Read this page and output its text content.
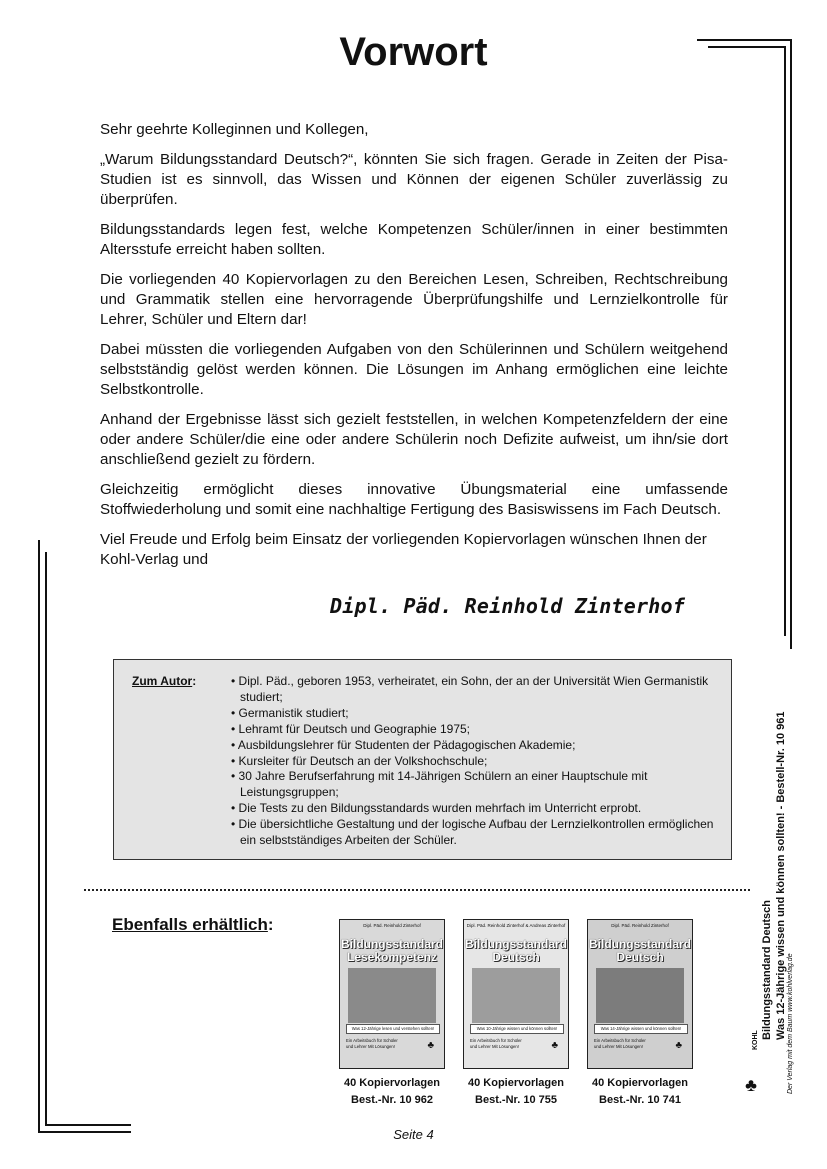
Vorwort

Sehr geehrte Kolleginnen und Kollegen,

„Warum Bildungsstandard Deutsch?“, könnten Sie sich fragen. Gerade in Zeiten der Pisa-Studien ist es sinnvoll, das Wissen und Können der eigenen Schüler zuverlässig zu überprüfen.

Bildungsstandards legen fest, welche Kompetenzen Schüler/innen in einer bestimmten Altersstufe erreicht haben sollten.

Die vorliegenden 40 Kopiervorlagen zu den Bereichen Lesen, Schreiben, Rechtschreibung und Grammatik stellen eine hervorragende Überprüfungshilfe und Lernzielkontrolle für Lehrer, Schüler und Eltern dar!

Dabei müssten die vorliegenden Aufgaben von den Schülerinnen und Schülern weitgehend selbstständig gelöst werden können. Die Lösungen im Anhang ermöglichen eine leichte Selbstkontrolle.

Anhand der Ergebnisse lässt sich gezielt feststellen, in welchen Kompetenzfeldern der eine oder andere Schüler/die eine oder andere Schülerin noch Defizite aufweist, um ihn/sie dort anschließend gezielt zu fördern.

Gleichzeitig ermöglicht dieses innovative Übungsmaterial eine umfassende Stoffwiederholung und somit eine nachhaltige Fertigung des Basiswissens im Fach Deutsch.

Viel Freude und Erfolg beim Einsatz der vorliegenden Kopiervorlagen wünschen Ihnen der Kohl-Verlag und

Dipl. Päd. Reinhold Zinterhof
Zum Autor:	• Dipl. Päd., geboren 1953, verheiratet, ein Sohn, der an der Universität Wien Germanistik studiert;
• Germanistik studiert;
• Lehramt für Deutsch und Geographie 1975;
• Ausbildungslehrer für Studenten der Pädagogischen Akademie;
• Kursleiter für Deutsch an der Volkshochschule;
• 30 Jahre Berufserfahrung mit 14-Jährigen Schülern an einer Hauptschule mit Leistungsgruppen;
• Die Tests zu den Bildungsstandards wurden mehrfach im Unterricht erprobt.
• Die übersichtliche Gestaltung und der logische Aufbau der Lernzielkontrollen ermöglichen ein selbstständiges Arbeiten der Schüler.
Ebenfalls erhältlich:	Dipl. Päd. Reinhold Zinterhof
Bildungsstandard
Lesekompetenz
Was 12-Jährige lesen und verstehen sollten!
Ein Arbeitsbuch für Schüler und Lehrer Mit Lösungen!	♣
40 Kopiervorlagen
Best.-Nr. 10 962
Dipl. Päd. Reinhold Zinterhof & Andreas Zinterhof
Bildungsstandard
Deutsch
Was 10-Jährige wissen und können sollten!
Ein Arbeitsbuch für Schüler und Lehrer Mit Lösungen!	♣
40 Kopiervorlagen
Best.-Nr. 10 755
Dipl. Päd. Reinhold Zinterhof
Bildungsstandard
Deutsch
Was 14-Jährige wissen und können sollten!
Ein Arbeitsbuch für Schüler und Lehrer Mit Lösungen!	♣
40 Kopiervorlagen
Best.-Nr. 10 741
Bildungsstandard Deutsch Was 12-Jährige wissen und können sollten! - Bestell-Nr. 10 961
KOHL
♣	Der Verlag mit dem Baum www.kohlverlag.de
Seite 4
